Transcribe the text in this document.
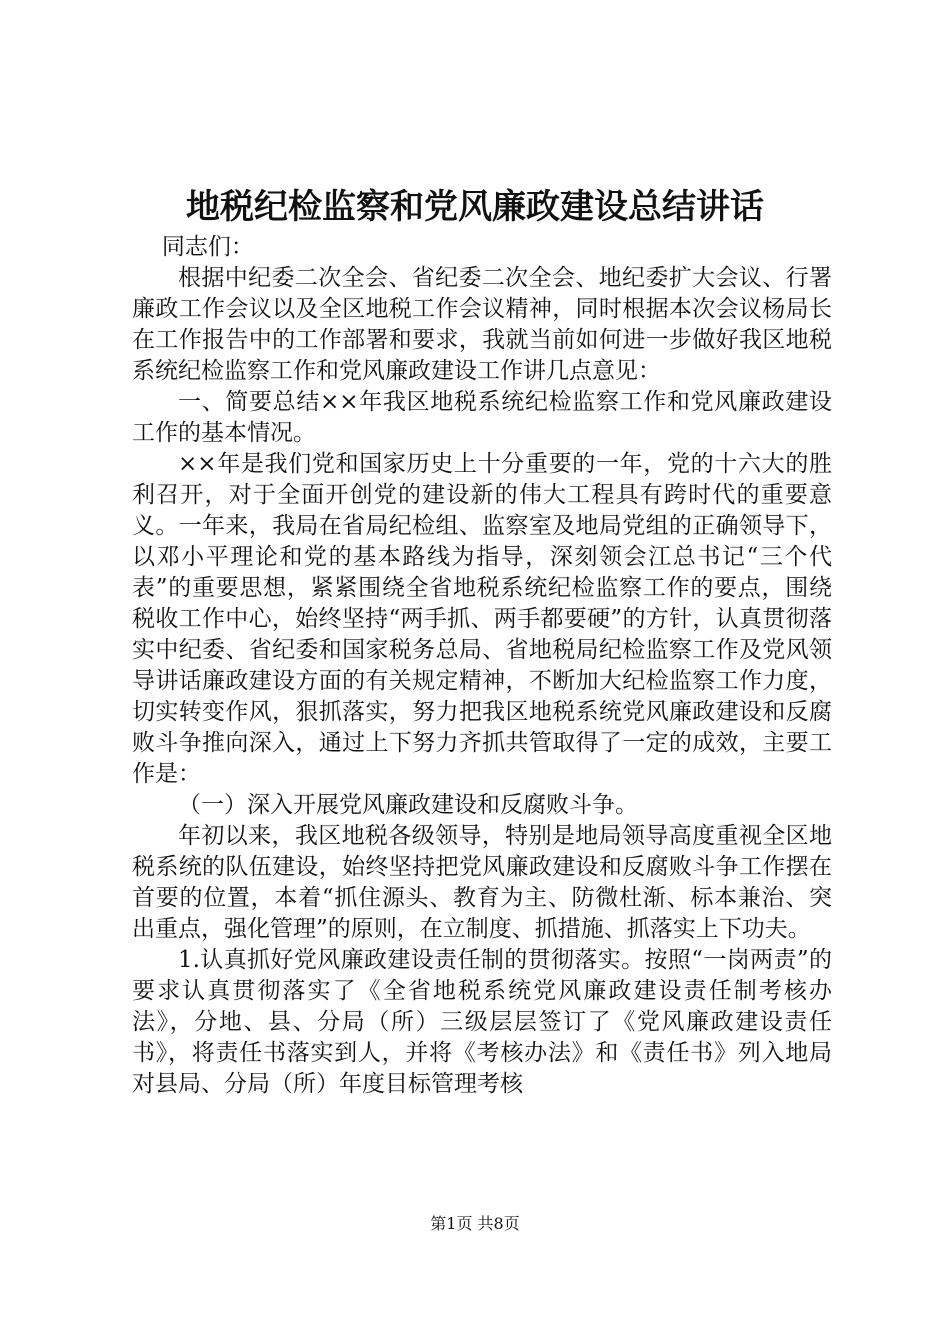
地税纪检监察和党风廉政建设总结讲话

同志们：

根据中纪委二次全会、省纪委二次全会、地纪委扩大会议、行署廉政工作会议以及全区地税工作会议精神，同时根据本次会议杨局长在工作报告中的工作部署和要求，我就当前如何进一步做好我区地税系统纪检监察工作和党风廉政建设工作讲几点意见：

一、简要总结××年我区地税系统纪检监察工作和党风廉政建设工作的基本情况。

××年是我们党和国家历史上十分重要的一年，党的十六大的胜利召开，对于全面开创党的建设新的伟大工程具有跨时代的重要意义。一年来，我局在省局纪检组、监察室及地局党组的正确领导下，以邓小平理论和党的基本路线为指导，深刻领会江总书记“三个代表”的重要思想，紧紧围绕全省地税系统纪检监察工作的要点，围绕税收工作中心，始终坚持“两手抓、两手都要硬”的方针，认真贯彻落实中纪委、省纪委和国家税务总局、省地税局纪检监察工作及党风领导讲话廉政建设方面的有关规定精神，不断加大纪检监察工作力度，切实转变作风，狠抓落实，努力把我区地税系统党风廉政建设和反腐败斗争推向深入，通过上下努力齐抓共管取得了一定的成效，主要工作是：

（一）深入开展党风廉政建设和反腐败斗争。

年初以来，我区地税各级领导，特别是地局领导高度重视全区地税系统的队伍建设，始终坚持把党风廉政建设和反腐败斗争工作摆在首要的位置，本着“抓住源头、教育为主、防微杜渐、标本兼治、突出重点，强化管理”的原则，在立制度、抓措施、抓落实上下功夫。

1.认真抓好党风廉政建设责任制的贯彻落实。按照“一岗两责”的要求认真贯彻落实了《全省地税系统党风廉政建设责任制考核办法》，分地、县、分局（所）三级层层签订了《党风廉政建设责任书》，将责任书落实到人，并将《考核办法》和《责任书》列入地局对县局、分局（所）年度目标管理考核

第1页 共8页
